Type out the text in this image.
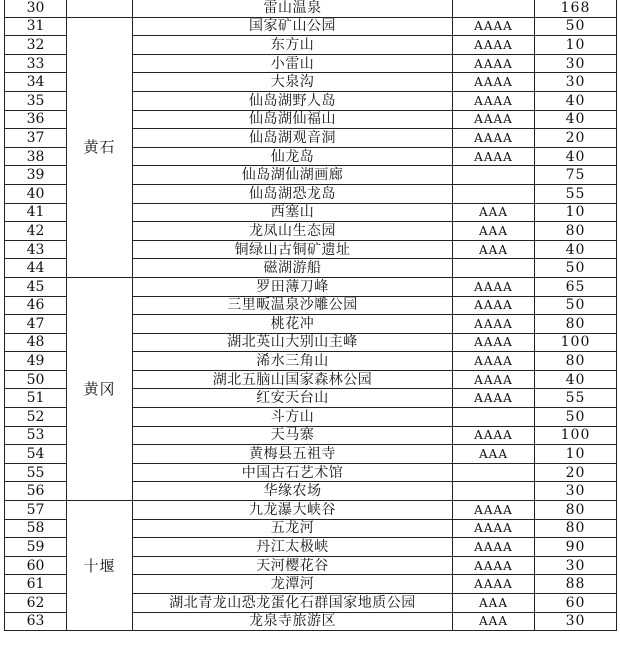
30		雷山温泉		168
31	黄石	国家矿山公园	AAAA	50
32		东方山	AAAA	10
33		小雷山	AAAA	30
34		大泉沟	AAAA	30
35		仙岛湖野人岛	AAAA	40
36		仙岛湖仙福山	AAAA	40
37		仙岛湖观音洞	AAAA	20
38		仙龙岛	AAAA	40
39		仙岛湖仙湖画廊		75
40		仙岛湖恐龙岛		55
41		西塞山	AAA	10
42		龙凤山生态园	AAA	80
43		铜绿山古铜矿遗址	AAA	40
44		磁湖游船		50
45	黄冈	罗田薄刀峰	AAAA	65
46		三里畈温泉沙雕公园	AAAA	50
47		桃花冲	AAAA	80
48		湖北英山大别山主峰	AAAA	100
49		浠水三角山	AAAA	80
50		湖北五脑山国家森林公园	AAAA	40
51		红安天台山	AAAA	55
52		斗方山		50
53		天马寨	AAAA	100
54		黄梅县五祖寺	AAA	10
55		中国古石艺术馆		20
56		华缘农场		30
57	十堰	九龙瀑大峡谷	AAAA	80
58		五龙河	AAAA	80
59		丹江太极峡	AAAA	90
60		天河樱花谷	AAAA	30
61		龙潭河	AAAA	88
62		湖北青龙山恐龙蛋化石群国家地质公园	AAA	60
63		龙泉寺旅游区	AAA	30
